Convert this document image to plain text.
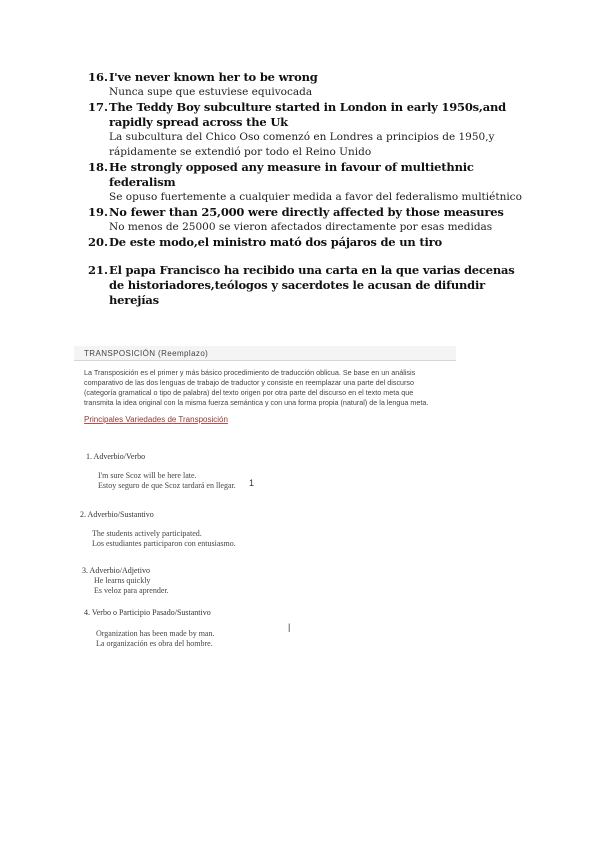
16. I've never known her to be wrong
Nunca supe que estuviese equivocada
17. The Teddy Boy subculture started in London in early 1950s,and rapidly spread across the Uk
La subcultura del Chico Oso comenzó en Londres a principios de 1950,y rápidamente se extendió por todo el Reino Unido
18. He strongly opposed any measure in favour of multiethnic federalism
Se opuso fuertemente a cualquier medida a favor del federalismo multiétnico
19. No fewer than 25,000 were directly affected by those measures
No menos de 25000 se vieron afectados directamente por esas medidas
20. De este modo,el ministro mató dos pájaros de un tiro
21. El papa Francisco ha recibido una carta en la que varias decenas de historiadores,teólogos y sacerdotes le acusan de difundir herejías
TRANSPOSICIÓN (Reemplazo)
La Transposición es el primer y más básico procedimiento de traducción oblicua. Se base en un análisis comparativo de las dos lenguas de trabajo de traductor y consiste en reemplazar una parte del discurso (categoría gramatical o tipo de palabra) del texto origen por otra parte del discurso en el texto meta que transmita la idea original con la misma fuerza semántica y con una forma propia (natural) de la lengua meta.
Principales Variedades de Transposición
1. Adverbio/Verbo
I'm sure Scoz will be here late.
Estoy seguro de que Scoz tardará en llegar. 1
2. Adverbio/Sustantivo
The students actively participated.
Los estudiantes participaron con entusiasmo.
3. Adverbio/Adjetivo
He learns quickly
Es veloz para aprender.
4. Verbo o Participio Pasado/Sustantivo
Organization has been made by man.
La organización es obra del hombre.
|
